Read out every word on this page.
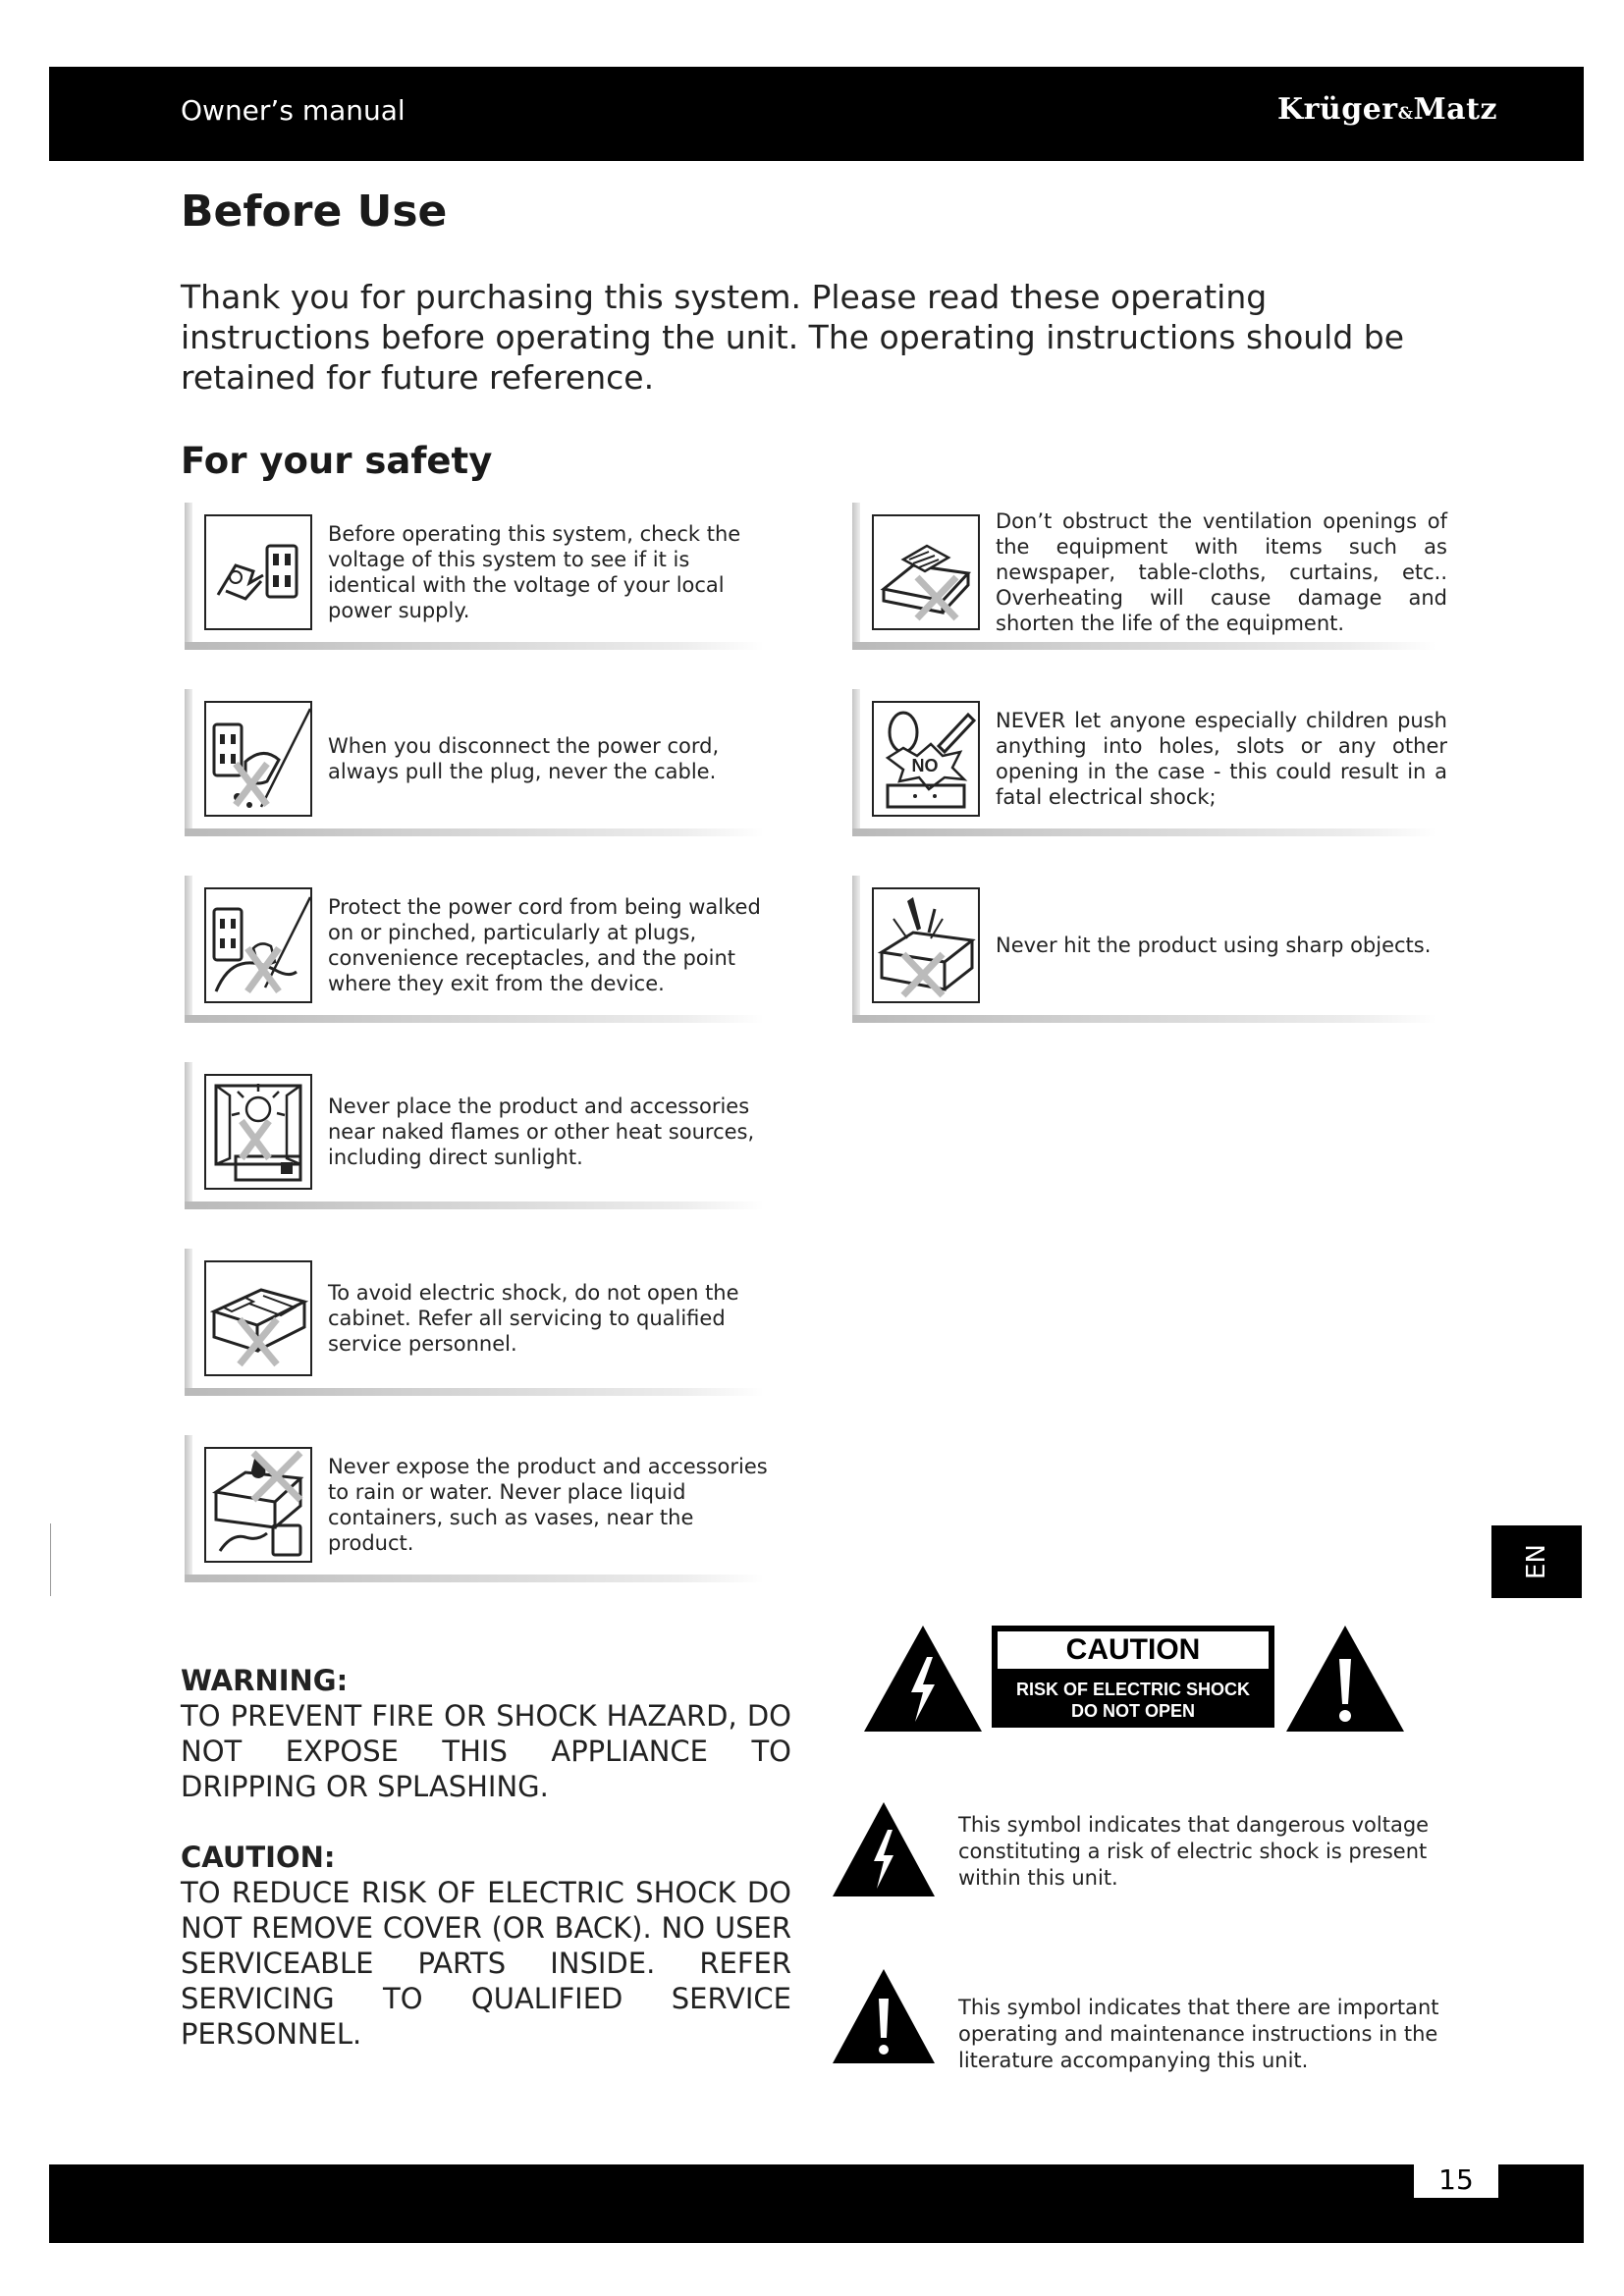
Owner’s manual	Krüger&Matz
Before Use

Thank you for purchasing this system. Please read these operating instructions before operating the unit. The operating instructions should be retained for future reference.

For your safety
Before operating this system, check the voltage of this system to see if it is identical with the voltage of your local power supply.
Don’t obstruct the ventilation openings of the equipment with items such as newspaper, table-cloths, curtains, etc.. Overheating will cause damage and shorten the life of the equipment.
When you disconnect the power cord, always pull the plug, never the cable.	NO
NEVER let anyone especially children push anything into holes, slots or any other opening in the case - this could result in a fatal electrical shock;
Protect the power cord from being walked on or pinched, particularly at plugs, convenience receptacles, and the point where they exit from the device.
Never hit the product using sharp objects.
Never place the product and accessories near naked flames or other heat sources, including direct sunlight.
To avoid electric shock, do not open the cabinet. Refer all servicing to qualified service personnel.
Never expose the product and accessories to rain or water. Never place liquid containers, such as vases, near the product.
WARNING:

TO PREVENT FIRE OR SHOCK HAZARD, DO NOT EXPOSE THIS APPLIANCE TO DRIPPING OR SPLASHING.

CAUTION:

TO REDUCE RISK OF ELECTRIC SHOCK DO NOT REMOVE COVER (OR BACK). NO USER SERVICEABLE PARTS INSIDE. REFER SERVICING TO QUALIFIED SERVICE PERSONNEL.

CAUTION
RISK OF ELECTRIC SHOCK
DO NOT OPEN
This symbol indicates that dangerous voltage constituting a risk of electric shock is present within this unit.
This symbol indicates that there are important operating and maintenance instructions in the literature accompanying this unit.
EN
15
